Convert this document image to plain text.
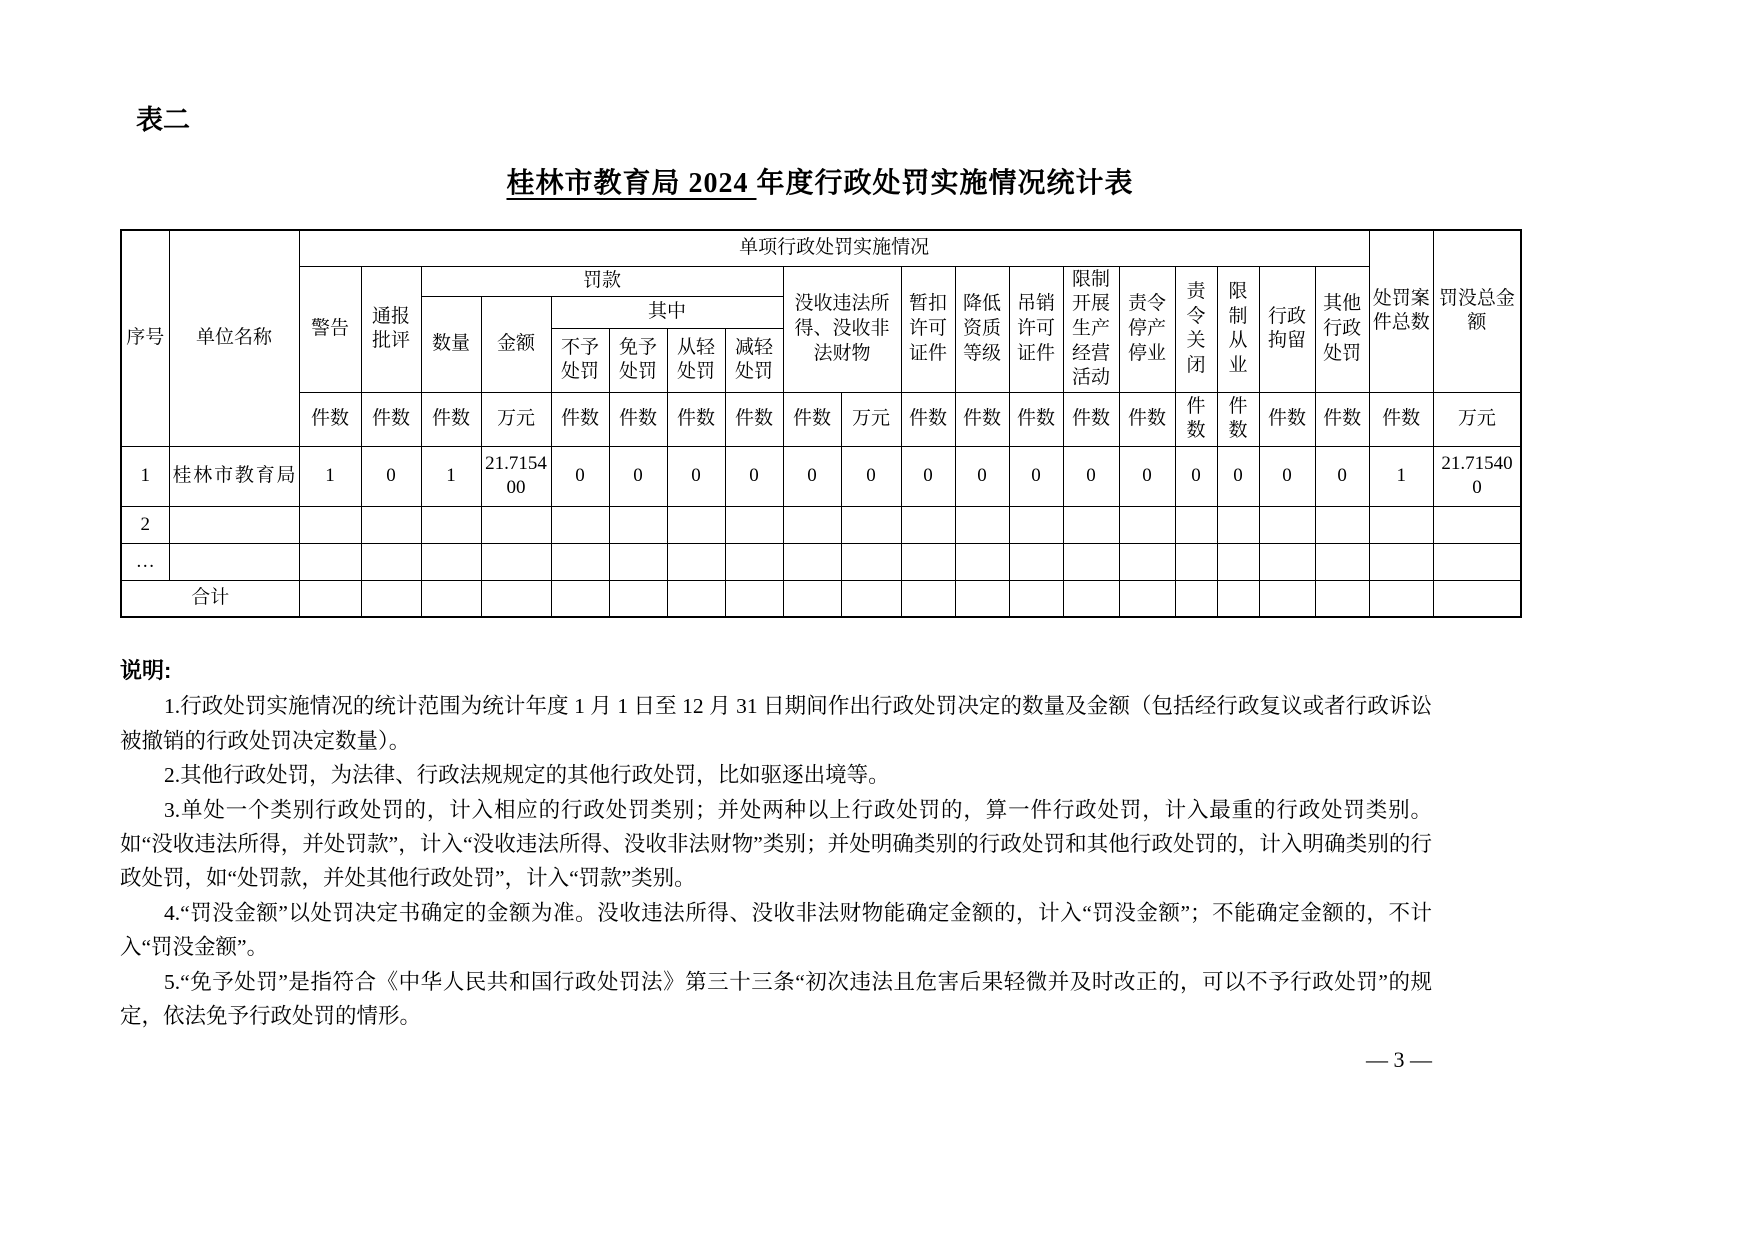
表二
桂林市教育局 2024 年度行政处罚实施情况统计表
序号	单位名称	单项行政处罚实施情况																			处罚案件总数	罚没总金额
		警告	通报批评	罚款						没收违法所得、没收非法财物		暂扣许可证件	降低资质等级	吊销许可证件	限制开展生产经营活动	责令停产停业	责令关闭	限制从业	行政拘留	其他行政处罚		
				数量	金额	其中																
						不予处罚	免予处罚	从轻处罚	减轻处罚													
		件数	件数	件数	万元	件数	件数	件数	件数	件数	万元	件数	件数	件数	件数	件数	件数	件数	件数	件数	件数	万元
1	桂林市教育局	1	0	1	21.715400	0	0	0	0	0	0	0	0	0	0	0	0	0	0	0	1	21.715400
2																						
…																						
合计																						
说明:

1.行政处罚实施情况的统计范围为统计年度 1 月 1 日至 12 月 31 日期间作出行政处罚决定的数量及金额（包括经行政复议或者行政诉讼被撤销的行政处罚决定数量）。

2.其他行政处罚，为法律、行政法规规定的其他行政处罚，比如驱逐出境等。

3.单处一个类别行政处罚的，计入相应的行政处罚类别；并处两种以上行政处罚的，算一件行政处罚，计入最重的行政处罚类别。如“没收违法所得，并处罚款”，计入“没收违法所得、没收非法财物”类别；并处明确类别的行政处罚和其他行政处罚的，计入明确类别的行政处罚，如“处罚款，并处其他行政处罚”，计入“罚款”类别。

4.“罚没金额”以处罚决定书确定的金额为准。没收违法所得、没收非法财物能确定金额的，计入“罚没金额”；不能确定金额的，不计入“罚没金额”。

5.“免予处罚”是指符合《中华人民共和国行政处罚法》第三十三条“初次违法且危害后果轻微并及时改正的，可以不予行政处罚”的规定，依法免予行政处罚的情形。

— 3 —
